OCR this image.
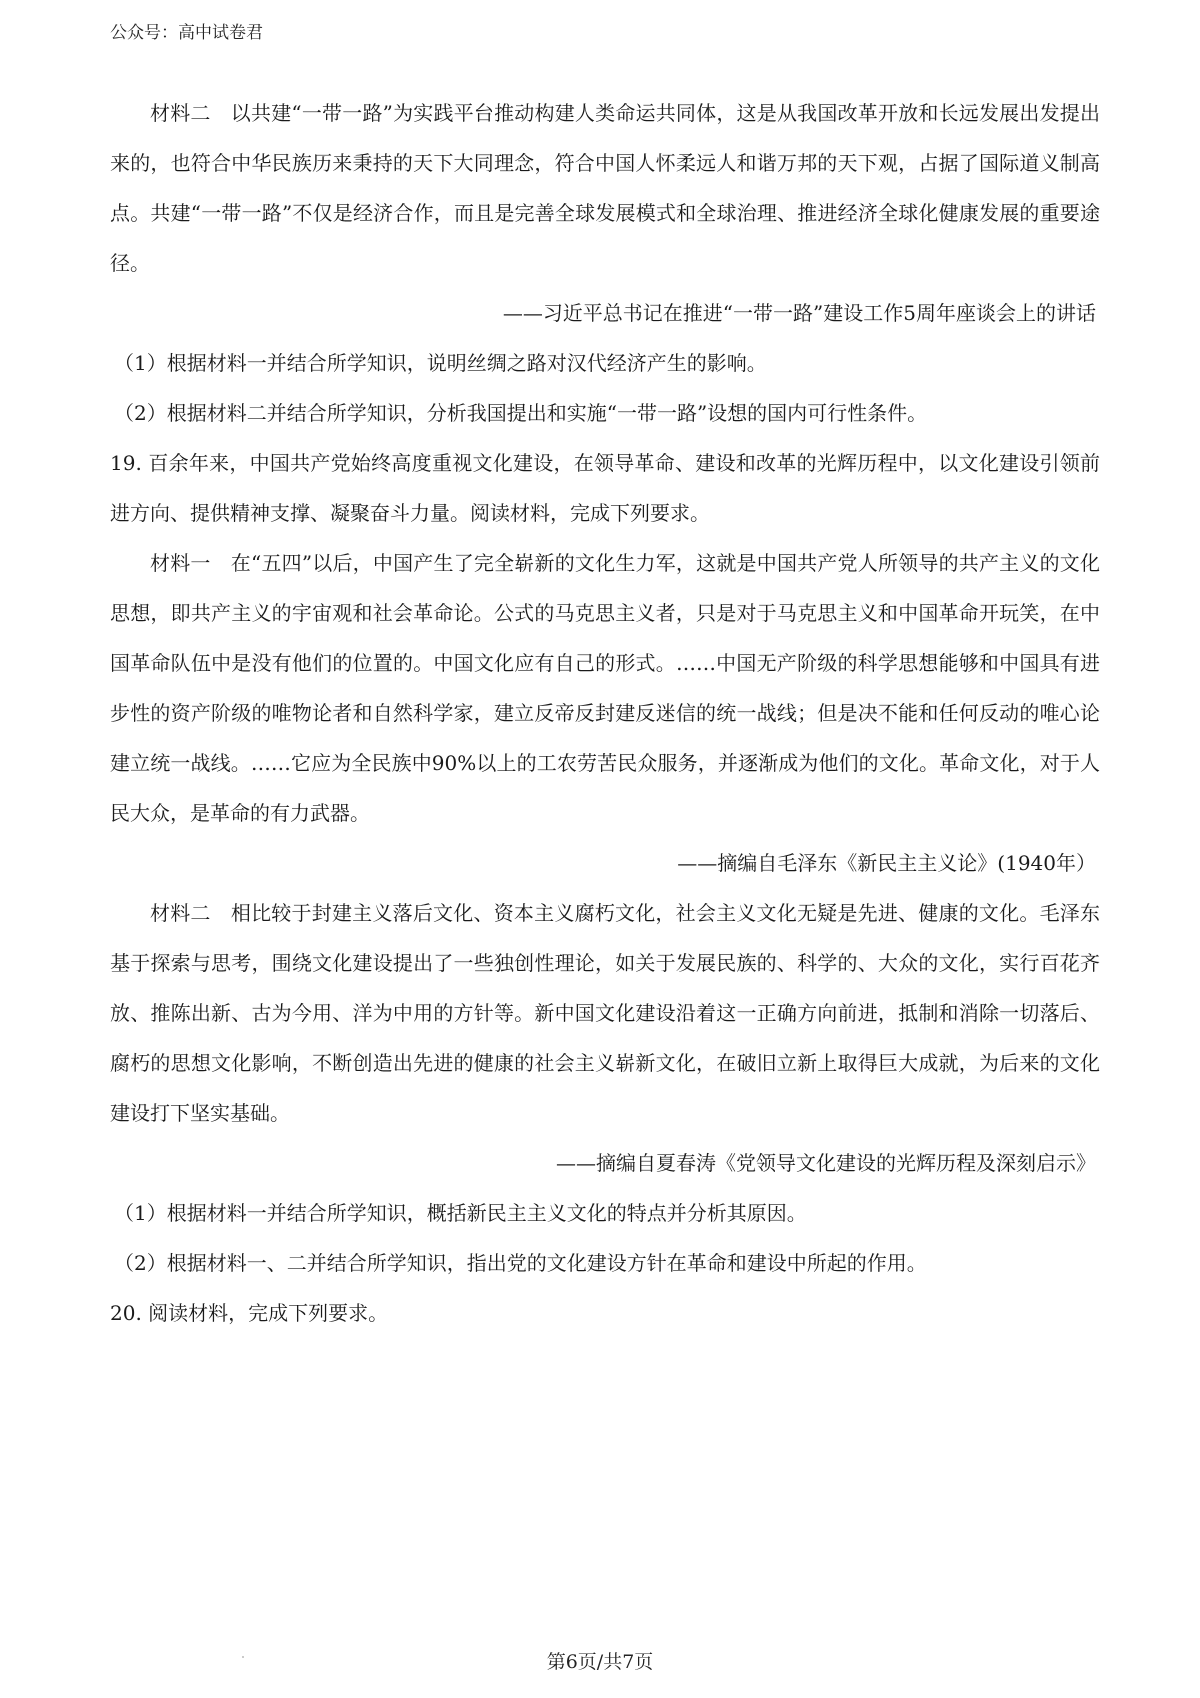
公众号：高中试卷君

材料二　以共建“一带一路”为实践平台推动构建人类命运共同体，这是从我国改革开放和长远发展出发提出来的，也符合中华民族历来秉持的天下大同理念，符合中国人怀柔远人和谐万邦的天下观，占据了国际道义制高点。共建“一带一路”不仅是经济合作，而且是完善全球发展模式和全球治理、推进经济全球化健康发展的重要途径。

——习近平总书记在推进“一带一路”建设工作5周年座谈会上的讲话

（1）根据材料一并结合所学知识，说明丝绸之路对汉代经济产生的影响。

（2）根据材料二并结合所学知识，分析我国提出和实施“一带一路”设想的国内可行性条件。

19. 百余年来，中国共产党始终高度重视文化建设，在领导革命、建设和改革的光辉历程中，以文化建设引领前进方向、提供精神支撑、凝聚奋斗力量。阅读材料，完成下列要求。

材料一　在“五四”以后，中国产生了完全崭新的文化生力军，这就是中国共产党人所领导的共产主义的文化思想，即共产主义的宇宙观和社会革命论。公式的马克思主义者，只是对于马克思主义和中国革命开玩笑，在中国革命队伍中是没有他们的位置的。中国文化应有自己的形式。……中国无产阶级的科学思想能够和中国具有进步性的资产阶级的唯物论者和自然科学家，建立反帝反封建反迷信的统一战线；但是决不能和任何反动的唯心论建立统一战线。……它应为全民族中90%以上的工农劳苦民众服务，并逐渐成为他们的文化。革命文化，对于人民大众，是革命的有力武器。

——摘编自毛泽东《新民主主义论》(1940年）

材料二　相比较于封建主义落后文化、资本主义腐朽文化，社会主义文化无疑是先进、健康的文化。毛泽东基于探索与思考，围绕文化建设提出了一些独创性理论，如关于发展民族的、科学的、大众的文化，实行百花齐放、推陈出新、古为今用、洋为中用的方针等。新中国文化建设沿着这一正确方向前进，抵制和消除一切落后、腐朽的思想文化影响，不断创造出先进的健康的社会主义崭新文化，在破旧立新上取得巨大成就，为后来的文化建设打下坚实基础。

——摘编自夏春涛《党领导文化建设的光辉历程及深刻启示》

（1）根据材料一并结合所学知识，概括新民主主义文化的特点并分析其原因。

（2）根据材料一、二并结合所学知识，指出党的文化建设方针在革命和建设中所起的作用。

20. 阅读材料，完成下列要求。

第6页/共7页
